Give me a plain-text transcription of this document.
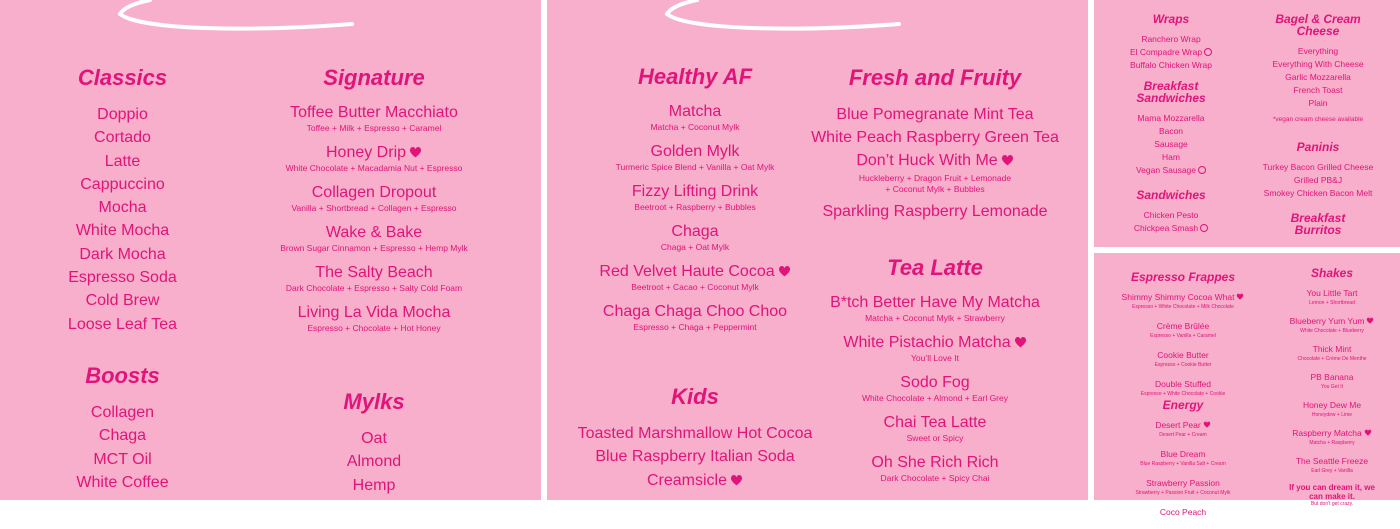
Classics
Doppio
Cortado
Latte
Cappuccino
Mocha
White Mocha
Dark Mocha
Espresso Soda
Cold Brew
Loose Leaf Tea
Boosts
Collagen
Chaga
MCT Oil
White Coffee
Signature
Toffee Butter Macchiato
Toffee + Milk + Espresso + Caramel
Honey Drip
White Chocolate + Macadamia Nut + Espresso
Collagen Dropout
Vanilla + Shortbread + Collagen + Espresso
Wake & Bake
Brown Sugar Cinnamon + Espresso + Hemp Mylk
The Salty Beach
Dark Chocolate + Espresso + Salty Cold Foam
Living La Vida Mocha
Espresso + Chocolate + Hot Honey
Mylks
Oat
Almond
Hemp
Healthy AF
Matcha
Matcha + Coconut Mylk
Golden Mylk
Turmeric Spice Blend + Vanilla + Oat Mylk
Fizzy Lifting Drink
Beetroot + Raspberry + Bubbles
Chaga
Chaga + Oat Mylk
Red Velvet Haute Cocoa
Beetroot + Cacao + Coconut Mylk
Chaga Chaga Choo Choo
Espresso + Chaga + Peppermint
Kids
Toasted Marshmallow Hot Cocoa
Blue Raspberry Italian Soda
Creamsicle
Fresh and Fruity
Blue Pomegranate Mint Tea
White Peach Raspberry Green Tea
Don’t Huck With Me
Huckleberry + Dragon Fruit + Lemonade
+ Coconut Mylk + Bubbles
Sparkling Raspberry Lemonade
Tea Latte
B*tch Better Have My Matcha
Matcha + Coconut Mylk + Strawberry
White Pistachio Matcha
You’ll Love It
Sodo Fog
White Chocolate + Almond + Earl Grey
Chai Tea Latte
Sweet or Spicy
Oh She Rich Rich
Dark Chocolate + Spicy Chai
Wraps
Ranchero Wrap
El Compadre Wrap
Buffalo Chicken Wrap
Breakfast
Sandwiches
Mama Mozzarella
Bacon
Sausage
Ham
Vegan Sausage
Sandwiches
Chicken Pesto
Chickpea Smash
Bagel & Cream
Cheese
Everything
Everything With Cheese
Garlic Mozzarella
French Toast
Plain
*vegan cream cheese available
Paninis
Turkey Bacon Grilled Cheese
Grilled PB&J
Smokey Chicken Bacon Melt
Breakfast
Burritos
Espresso Frappes
Shimmy Shimmy Cocoa What
Espresso + White Chocolate + Milk Chocolate
Crème Brûlée
Espresso + Vanilla + Caramel
Cookie Butter
Espresso + Cookie Butter
Double Stuffed
Espresso + White Chocolate + Cookie
Energy
Desert Pear
Desert Pear + Cream
Blue Dream
Blue Raspberry + Vanilla Salt + Cream
Strawberry Passion
Strawberry + Passion Fruit + Coconut Mylk
Coco Peach
Shakes
You Little Tart
Lemon + Shortbread
Blueberry Yum Yum
White Chocolate + Blueberry
Thick Mint
Chocolate + Crème De Menthe
PB Banana
You Get It
Honey Dew Me
Honeydew + Lime
Raspberry Matcha
Matcha + Raspberry
The Seattle Freeze
Earl Grey + Vanilla
If you can dream it, we
can make it.
But don't get crazy.
